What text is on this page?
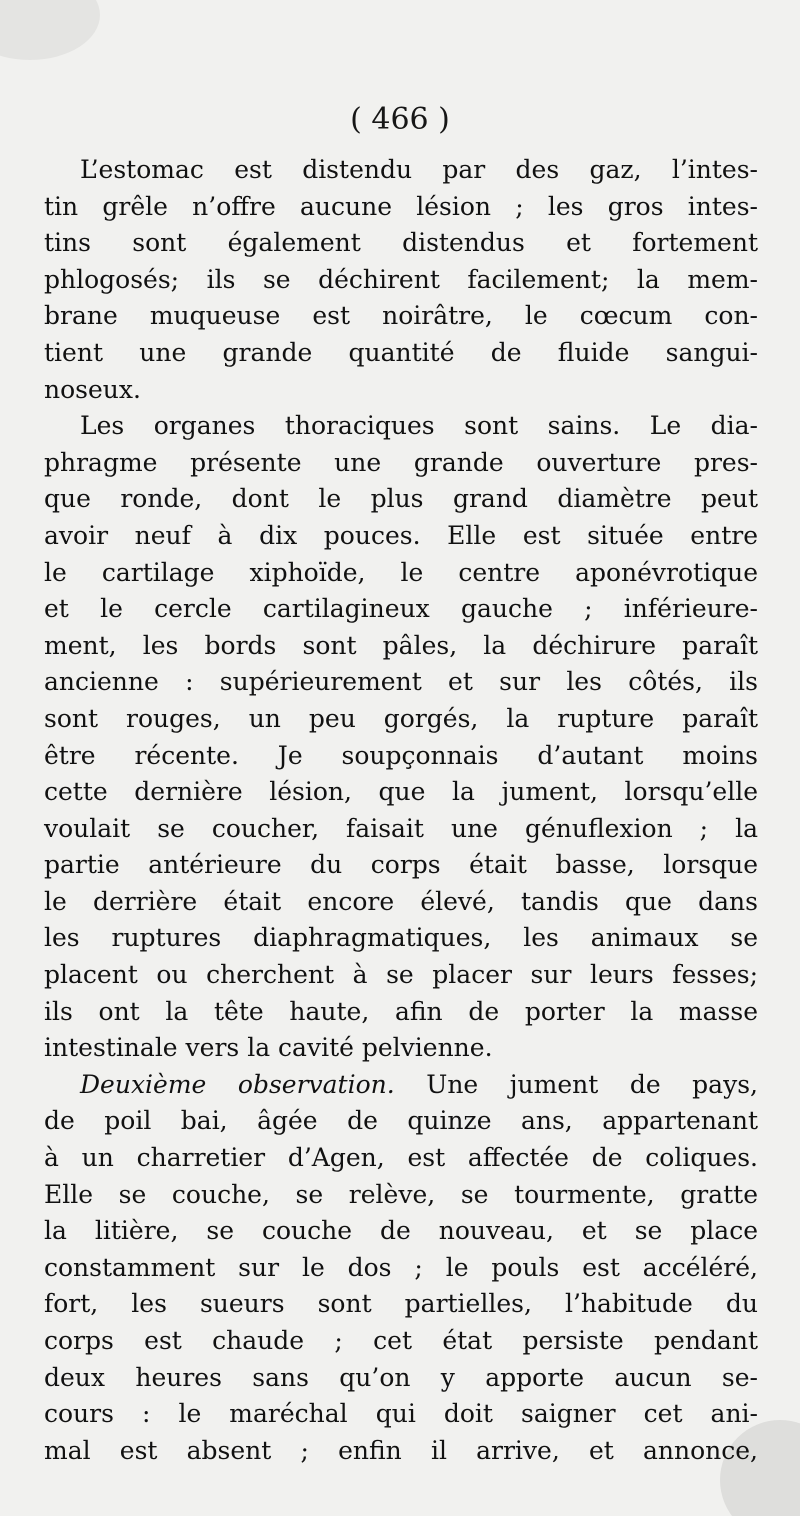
( 466 )
L’estomac est distendu par des gaz, l’intes-
tin grêle n’offre aucune lésion ; les gros intes-
tins sont également distendus et fortement
phlogosés; ils se déchirent facilement; la mem-
brane muqueuse est noirâtre, le cœcum con-
tient une grande quantité de fluide sangui-
noseux.
Les organes thoraciques sont sains. Le dia-
phragme présente une grande ouverture pres-
que ronde, dont le plus grand diamètre peut
avoir neuf à dix pouces. Elle est située entre
le cartilage xiphoïde, le centre aponévrotique
et le cercle cartilagineux gauche ; inférieure-
ment, les bords sont pâles, la déchirure paraît
ancienne : supérieurement et sur les côtés, ils
sont rouges, un peu gorgés, la rupture paraît
être récente. Je soupçonnais d’autant moins
cette dernière lésion, que la jument, lorsqu’elle
voulait se coucher, faisait une génuflexion ; la
partie antérieure du corps était basse, lorsque
le derrière était encore élevé, tandis que dans
les ruptures diaphragmatiques, les animaux se
placent ou cherchent à se placer sur leurs fesses;
ils ont la tête haute, afin de porter la masse
intestinale vers la cavité pelvienne.
Deuxième observation. Une jument de pays,
de poil bai, âgée de quinze ans, appartenant
à un charretier d’Agen, est affectée de coliques.
Elle se couche, se relève, se tourmente, gratte
la litière, se couche de nouveau, et se place
constamment sur le dos ; le pouls est accéléré,
fort, les sueurs sont partielles, l’habitude du
corps est chaude ; cet état persiste pendant
deux heures sans qu’on y apporte aucun se-
cours : le maréchal qui doit saigner cet ani-
mal est absent ; enfin il arrive, et annonce,
